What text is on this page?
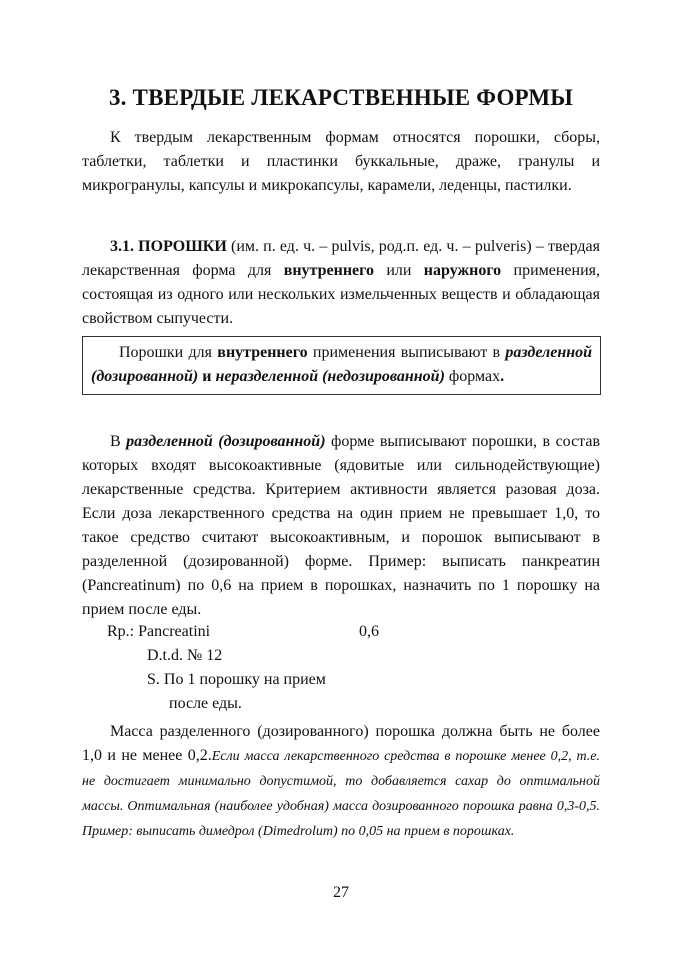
3. ТВЕРДЫЕ ЛЕКАРСТВЕННЫЕ ФОРМЫ

К твердым лекарственным формам относятся порошки, сборы, таблетки, таблетки и пластинки буккальные, драже, гранулы и микрогранулы, капсулы и микрокапсулы, карамели, леденцы, пастилки.

3.1. ПОРОШКИ (им. п. ед. ч. – pulvis, род.п. ед. ч. – pulveris) – твердая лекарственная форма для внутреннего или наружного применения, состоящая из одного или нескольких измельченных веществ и обладающая свойством сыпучести.

Порошки для внутреннего применения выписывают в разделенной (дозированной) и неразделенной (недозированной) формах.

В разделенной (дозированной) форме выписывают порошки, в состав которых входят высокоактивные (ядовитые или сильнодействующие) лекарственные средства. Критерием активности является разовая доза. Если доза лекарственного средства на один прием не превышает 1,0, то такое средство считают высокоактивным, и порошок выписывают в разделенной (дозированной) форме. Пример: выписать панкреатин (Pancreatinum) по 0,6 на прием в порошках, назначить по 1 порошку на прием после еды.

Rp.: Pancreatini	0,6
D.t.d. № 12
S. По 1 порошку на прием
после еды.

Масса разделенного (дозированного) порошка должна быть не более 1,0 и не менее 0,2.Если масса лекарственного средства в порошке менее 0,2, т.е. не достигает минимально допустимой, то добавляется сахар до оптимальной массы. Оптимальная (наиболее удобная) масса дозированного порошка равна 0,3-0,5. Пример: выписать димедрол (Dimedrolum) по 0,05 на прием в порошках.

27
